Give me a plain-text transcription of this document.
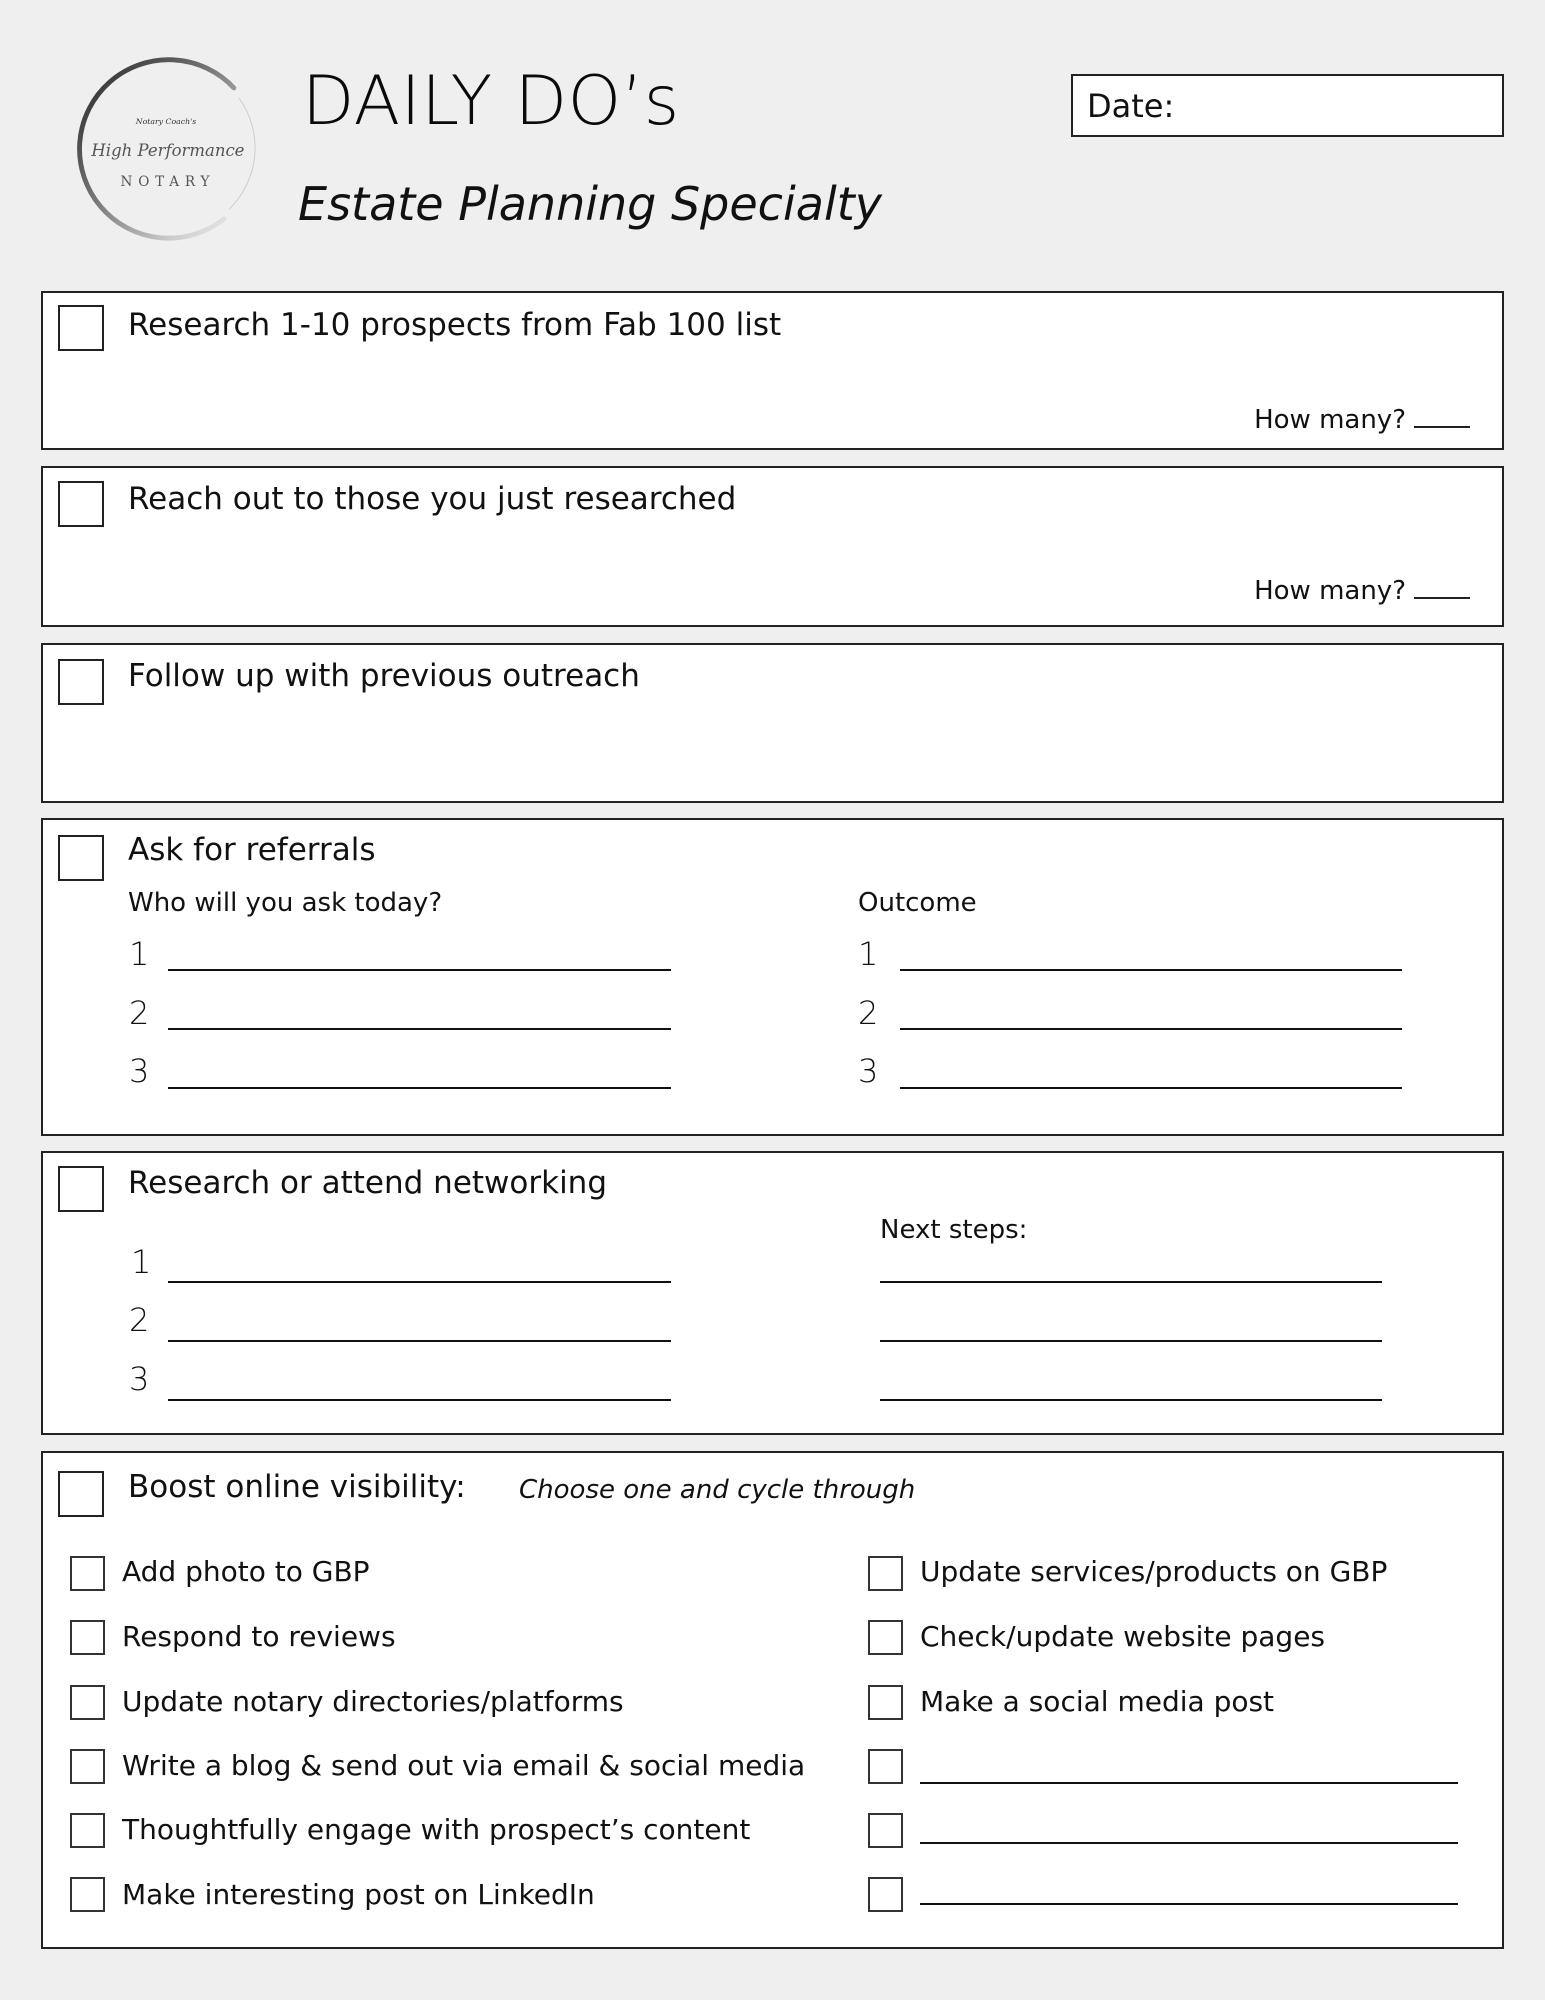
Notary Coach's
High Performance
NOTARY
DAILY DO’s
Estate Planning Specialty
Date:
Research 1-10 prospects from Fab 100 list
How many?
Reach out to those you just researched
How many?
Follow up with previous outreach
Ask for referrals
Who will you ask today?	Outcome
1
2
3
1
2
3
Research or attend networking
Next steps:
1
2
3
Boost online visibility: Choose one and cycle through
Add photo to GBP
Respond to reviews
Update notary directories/platforms
Write a blog & send out via email & social media
Thoughtfully engage with prospect’s content
Make interesting post on LinkedIn
Update services/products on GBP
Check/update website pages
Make a social media post
